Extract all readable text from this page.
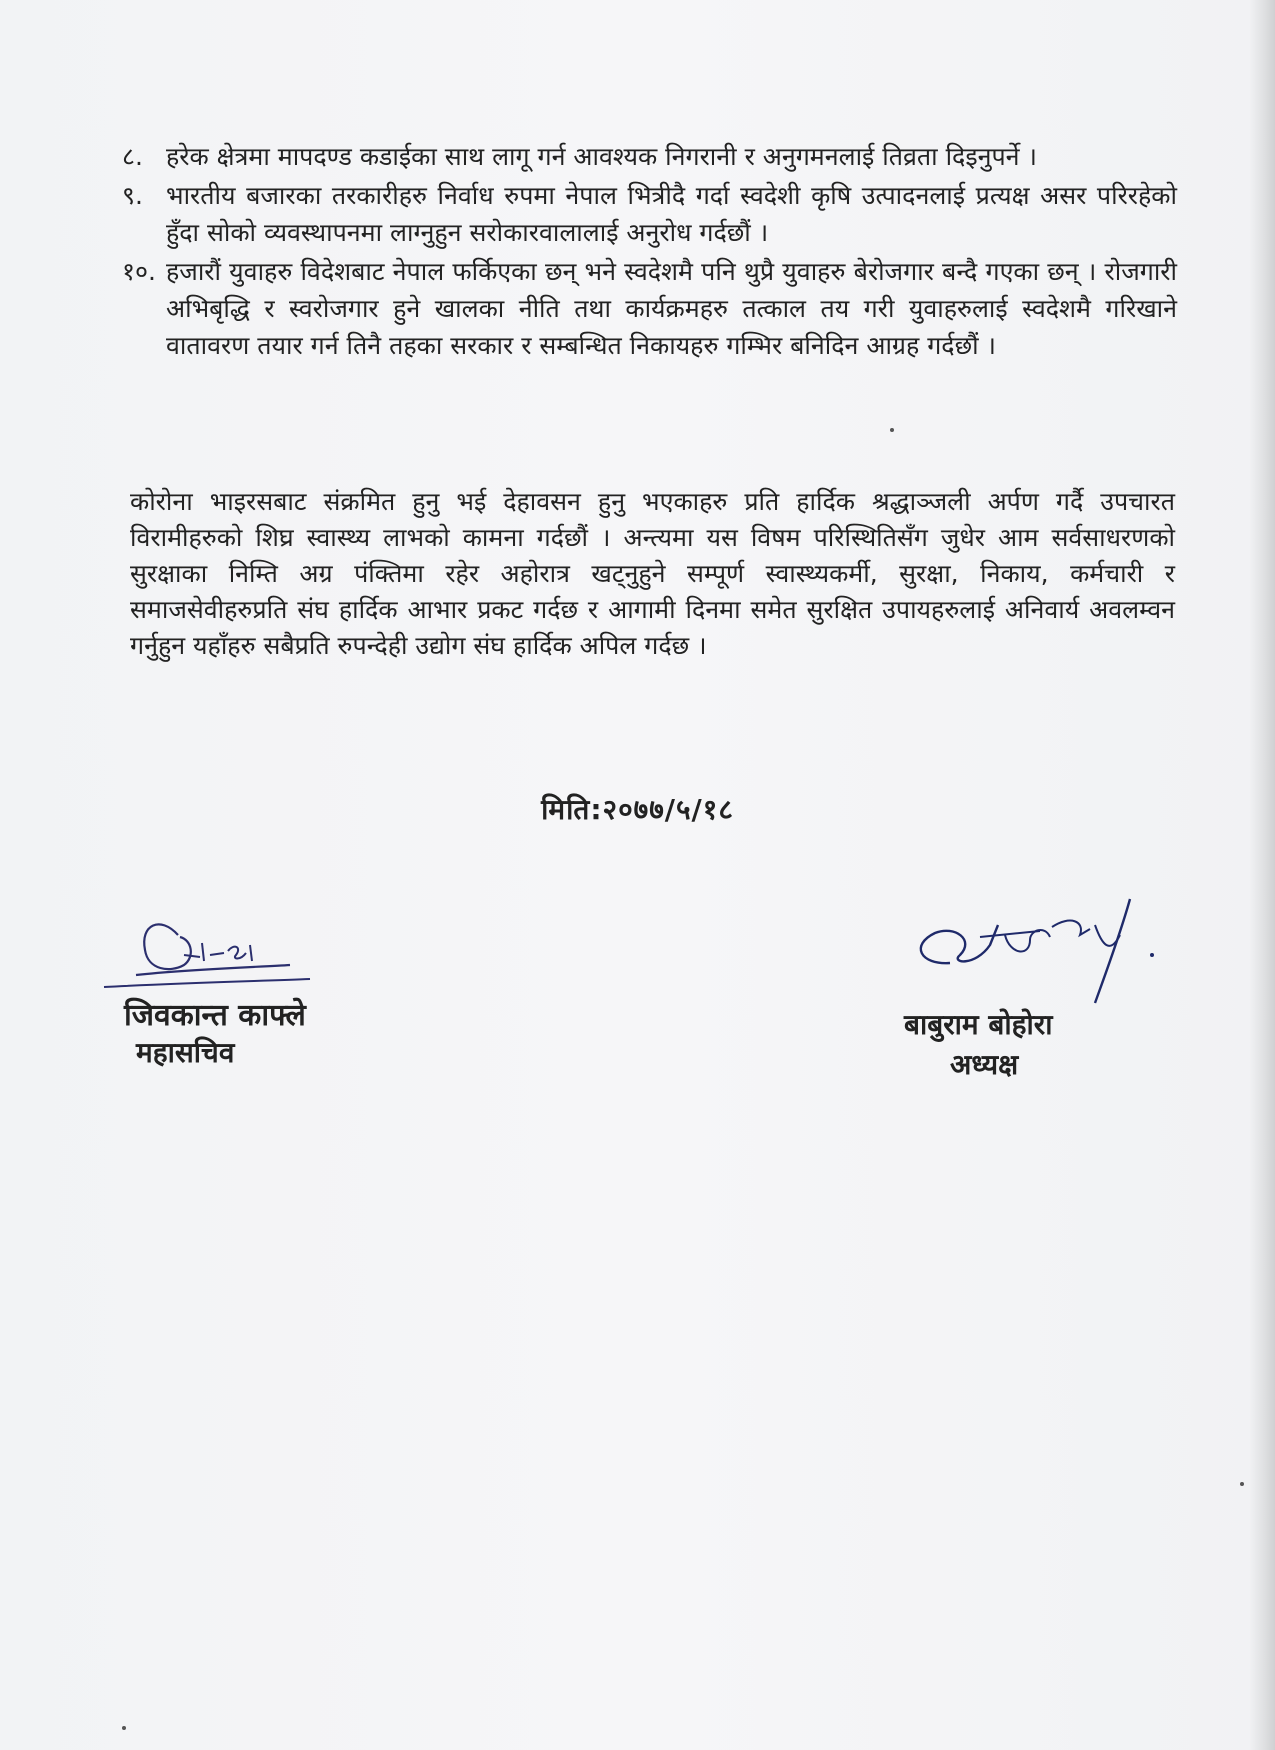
८. हरेक क्षेत्रमा मापदण्ड कडाईका साथ लागू गर्न आवश्यक निगरानी र अनुगमनलाई तिव्रता दिइनुपर्ने ।
९. भारतीय बजारका तरकारीहरु निर्वाध रुपमा नेपाल भित्रीदै गर्दा स्वदेशी कृषि उत्पादनलाई प्रत्यक्ष असर परिरहेको हुँदा सोको व्यवस्थापनमा लाग्नुहुन सरोकारवालालाई अनुरोध गर्दछौं ।
१०. हजारौं युवाहरु विदेशबाट नेपाल फर्किएका छन् भने स्वदेशमै पनि थुप्रै युवाहरु बेरोजगार बन्दै गएका छन् । रोजगारी अभिबृद्धि र स्वरोजगार हुने खालका नीति तथा कार्यक्रमहरु तत्काल तय गरी युवाहरुलाई स्वदेशमै गरिखाने वातावरण तयार गर्न तिनै तहका सरकार र सम्बन्धित निकायहरु गम्भिर बनिदिन आग्रह गर्दछौं ।

कोरोना भाइरसबाट संक्रमित हुनु भई देहावसन हुनु भएकाहरु प्रति हार्दिक श्रद्धाञ्जली अर्पण गर्दै उपचारत विरामीहरुको शिघ्र स्वास्थ्य लाभको कामना गर्दछौं । अन्त्यमा यस विषम परिस्थितिसँग जुधेर आम सर्वसाधरणको सुरक्षाका निम्ति अग्र पंक्तिमा रहेर अहोरात्र खट्नुहुने सम्पूर्ण स्वास्थ्यकर्मी, सुरक्षा, निकाय, कर्मचारी र समाजसेवीहरुप्रति संघ हार्दिक आभार प्रकट गर्दछ र आगामी दिनमा समेत सुरक्षित उपायहरुलाई अनिवार्य अवलम्वन गर्नुहुन यहाँहरु सबैप्रति रुपन्देही उद्योग संघ हार्दिक अपिल गर्दछ ।

मिति:२०७७/५/१८
जिवकान्त काफ्ले
महासचिव
बाबुराम बोहोरा
अध्यक्ष
